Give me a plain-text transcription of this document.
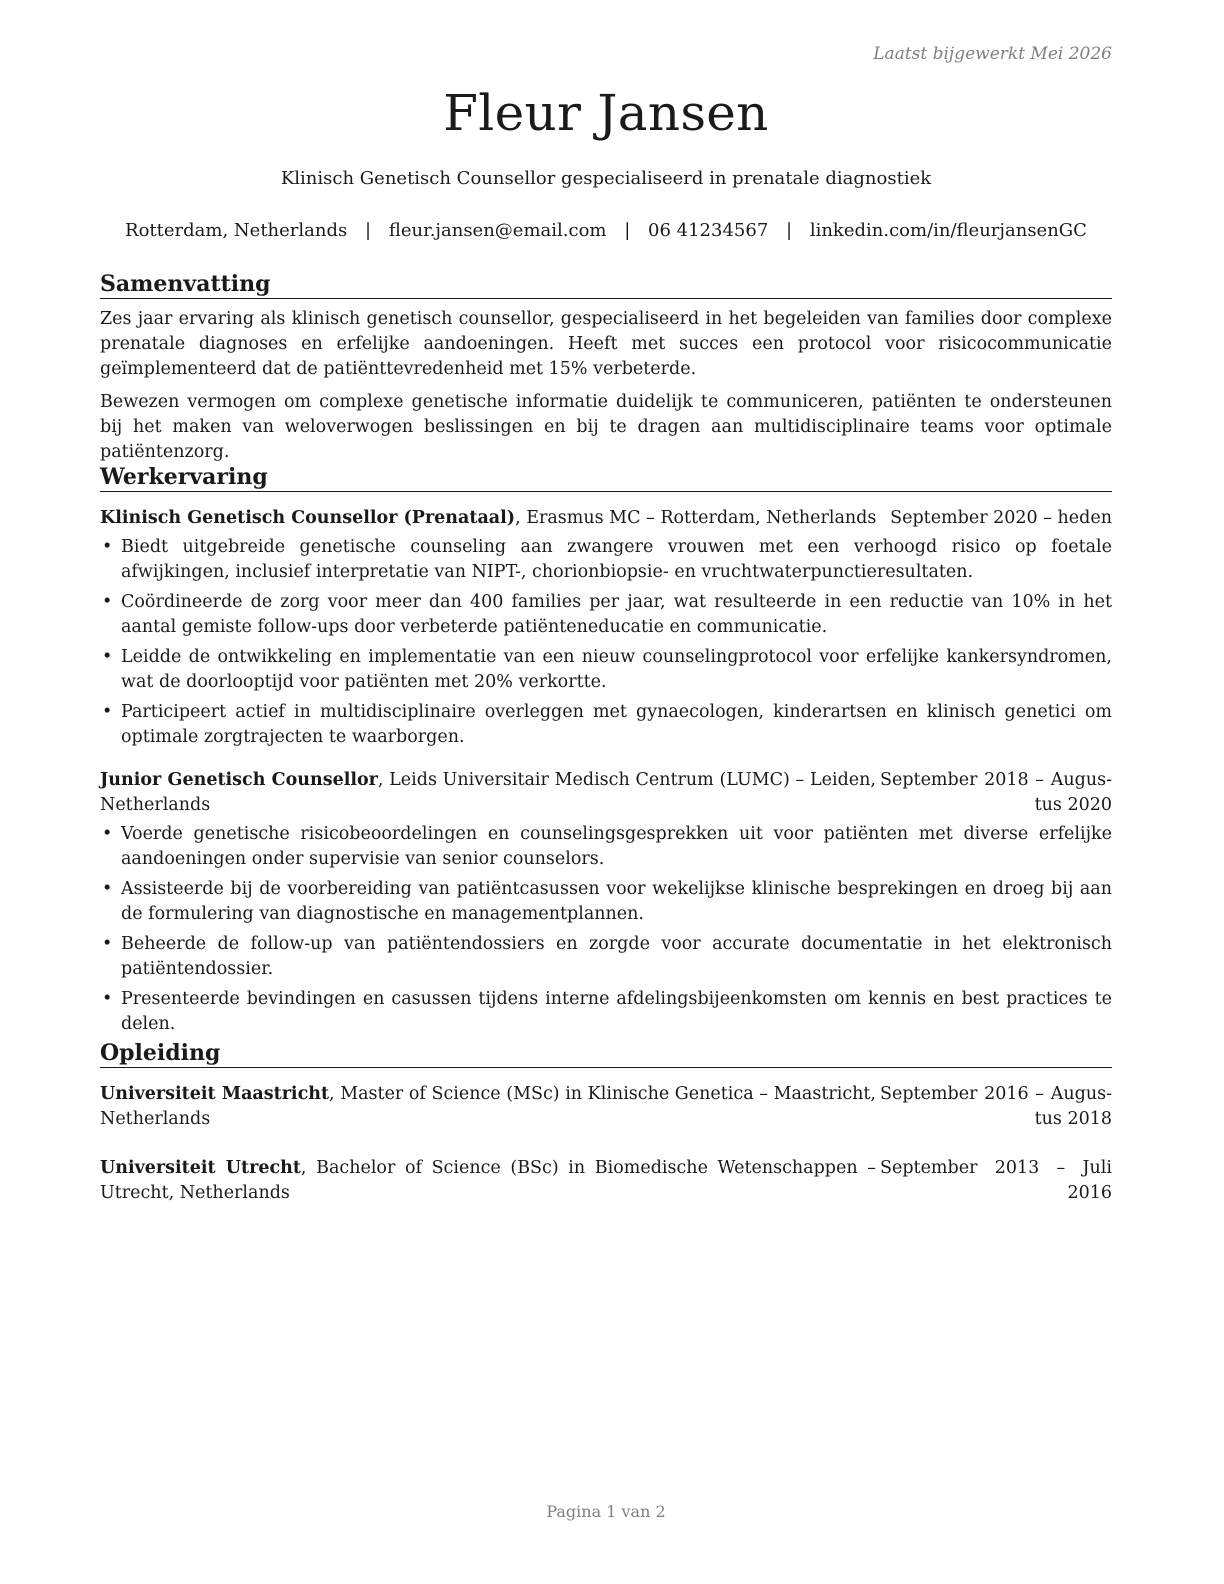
Laatst bijgewerkt Mei 2026
Fleur Jansen
Klinisch Genetisch Counsellor gespecialiseerd in prenatale diagnostiek
Rotterdam, Netherlands | fleur.jansen@email.com | 06 41234567 | linkedin.com/in/fleurjansenGC
Samenvatting

Zes jaar ervaring als klinisch genetisch counsellor, gespecialiseerd in het begeleiden van families door complexe prenatale diagnoses en erfelijke aandoeningen. Heeft met succes een protocol voor risicocommunicatie geïmplementeerd dat de patiënttevredenheid met 15% verbeterde.

Bewezen vermogen om complexe genetische informatie duidelijk te communiceren, patiënten te ondersteunen bij het maken van weloverwogen beslissingen en bij te dragen aan multidisciplinaire teams voor optimale patiëntenzorg.

Werkervaring
Klinisch Genetisch Counsellor (Prenataal), Erasmus MC – Rotterdam, Netherlands September 2020 – heden
• Biedt uitgebreide genetische counseling aan zwangere vrouwen met een verhoogd risico op foetale afwijkingen, inclusief interpretatie van NIPT-, chorionbiopsie- en vruchtwaterpunctieresultaten.
• Coördineerde de zorg voor meer dan 400 families per jaar, wat resulteerde in een reductie van 10% in het aantal gemiste follow-ups door verbeterde patiënteneducatie en communicatie.
• Leidde de ontwikkeling en implementatie van een nieuw counselingprotocol voor erfelijke kankersyndromen, wat de doorlooptijd voor patiënten met 20% verkortte.
• Participeert actief in multidisciplinaire overleggen met gynaecologen, kinderartsen en klinisch genetici om optimale zorgtrajecten te waarborgen.
Junior Genetisch Counsellor, Leids Universitair Medisch Centrum (LUMC) – Leiden, Netherlands
September 2018 – Augustus 2020
• Voerde genetische risicobeoordelingen en counselingsgesprekken uit voor patiënten met diverse erfelijke aandoeningen onder supervisie van senior counselors.
• Assisteerde bij de voorbereiding van patiëntcasussen voor wekelijkse klinische besprekingen en droeg bij aan de formulering van diagnostische en managementplannen.
• Beheerde de follow-up van patiëntendossiers en zorgde voor accurate documentatie in het elektronisch patiëntendossier.
• Presenteerde bevindingen en casussen tijdens interne afdelingsbijeenkomsten om kennis en best practices te delen.
Opleiding
Universiteit Maastricht, Master of Science (MSc) in Klinische Genetica – Maastricht, Netherlands
September 2016 – Augustus 2018
Universiteit Utrecht, Bachelor of Science (BSc) in Biomedische Wetenschappen – Utrecht, Netherlands
September 2013 – Juli 2016
Pagina 1 van 2
